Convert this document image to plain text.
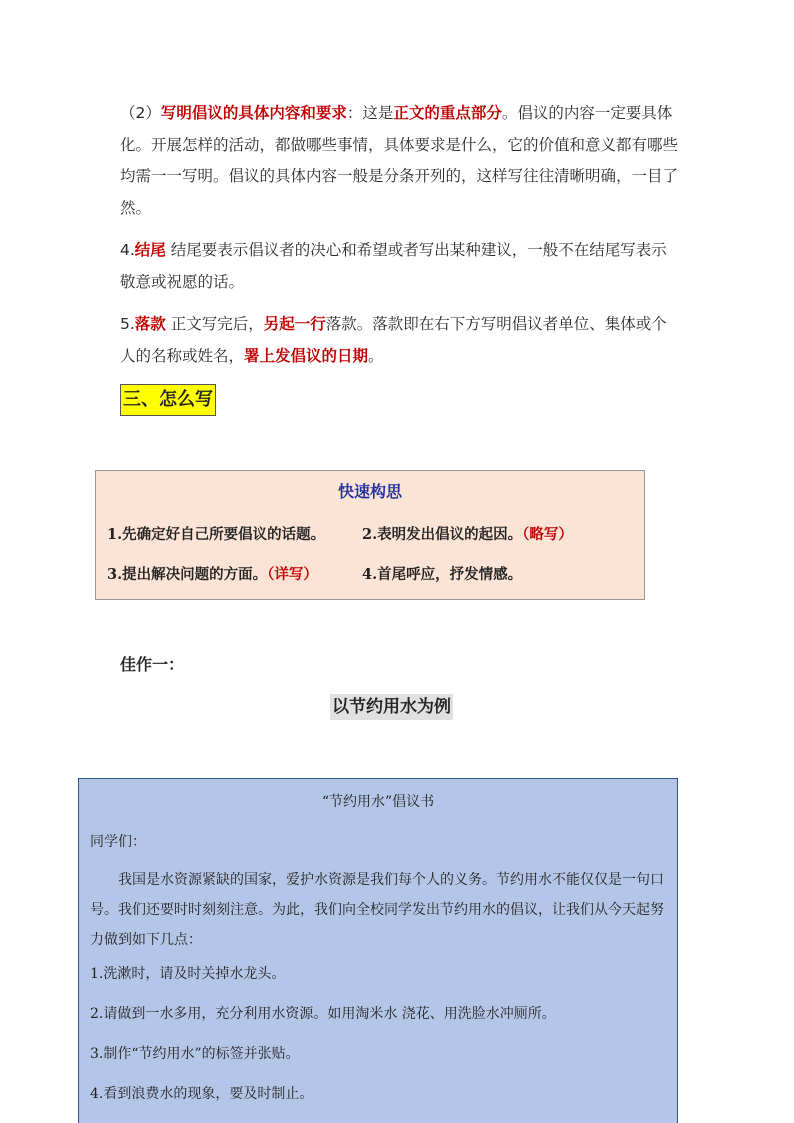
（2）写明倡议的具体内容和要求：这是正文的重点部分。倡议的内容一定要具体化。开展怎样的活动，都做哪些事情，具体要求是什么，它的价值和意义都有哪些均需一一写明。倡议的具体内容一般是分条开列的，这样写往往清晰明确，一目了然。
4.结尾 结尾要表示倡议者的决心和希望或者写出某种建议，一般不在结尾写表示敬意或祝愿的话。
5.落款 正文写完后，另起一行落款。落款即在右下方写明倡议者单位、集体或个人的名称或姓名，署上发倡议的日期。
三、怎么写
快速构思
1.先确定好自己所要倡议的话题。	2.表明发出倡议的起因。（略写）
3.提出解决问题的方面。（详写）	4.首尾呼应，抒发情感。
佳作一：
以节约用水为例
“节约用水”倡议书
同学们：
我国是水资源紧缺的国家，爱护水资源是我们每个人的义务。节约用水不能仅仅是一句口号。我们还要时时刻刻注意。为此，我们向全校同学发出节约用水的倡议，让我们从今天起努力做到如下几点：
1.洗漱时，请及时关掉水龙头。
2.请做到一水多用，充分利用水资源。如用淘米水 浇花、用洗脸水冲厕所。
3.制作“节约用水”的标签并张贴。
4.看到浪费水的现象，要及时制止。
